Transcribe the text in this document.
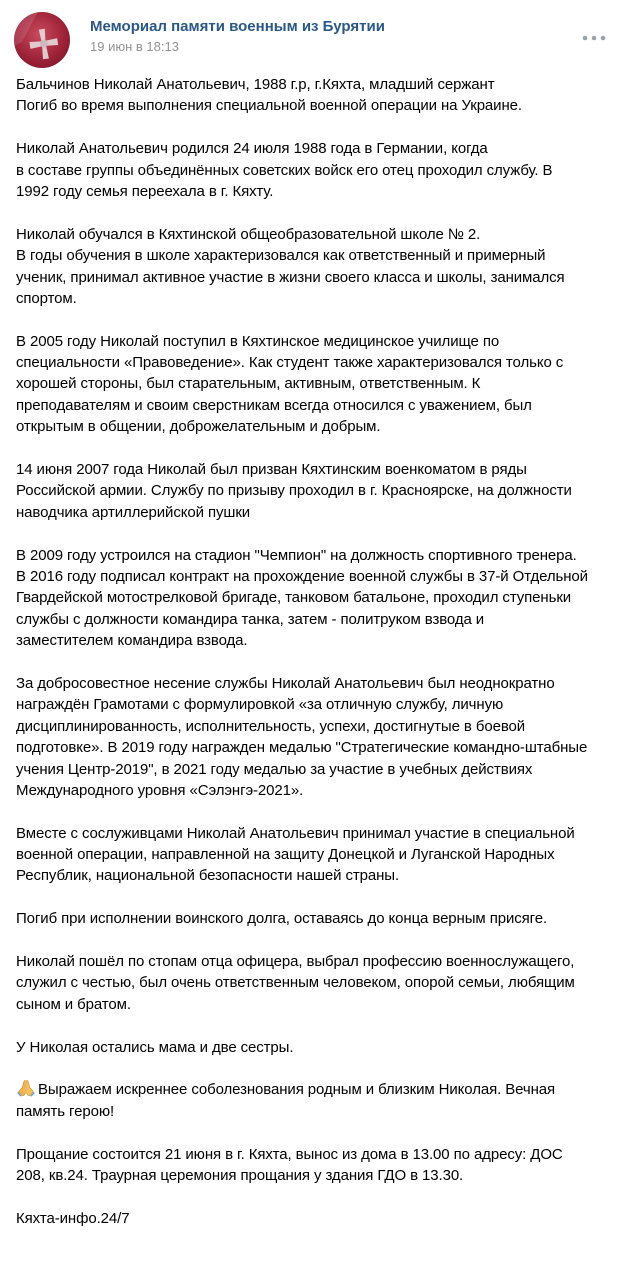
Мемориал памяти военным из Бурятии
19 июн в 18:13
Бальчинов Николай Анатольевич, 1988 г.р, г.Кяхта, младший сержант
Погиб во время выполнения специальной военной операции на Украине.
Николай Анатольевич родился 24 июля 1988 года в Германии, когда
в составе группы объединённых советских войск его отец проходил службу. В
1992 году семья переехала в г. Кяхту.
Николай обучался в Кяхтинской общеобразовательной школе № 2.
В годы обучения в школе характеризовался как ответственный и примерный
ученик, принимал активное участие в жизни своего класса и школы, занимался
спортом.
В 2005 году Николай поступил в Кяхтинское медицинское училище по
специальности «Правоведение». Как студент также характеризовался только с
хорошей стороны, был старательным, активным, ответственным. К
преподавателям и своим сверстникам всегда относился с уважением, был
открытым в общении, доброжелательным и добрым.
14 июня 2007 года Николай был призван Кяхтинским военкоматом в ряды
Российской армии. Службу по призыву проходил в г. Красноярске, на должности
наводчика артиллерийской пушки
В 2009 году устроился на стадион "Чемпион" на должность спортивного тренера.
В 2016 году подписал контракт на прохождение военной службы в 37-й Отдельной
Гвардейской мотострелковой бригаде, танковом батальоне, проходил ступеньки
службы с должности командира танка, затем - политруком взвода и
заместителем командира взвода.
За добросовестное несение службы Николай Анатольевич был неоднократно
награждён Грамотами с формулировкой «за отличную службу, личную
дисциплинированность, исполнительность, успехи, достигнутые в боевой
подготовке». В 2019 году награжден медалью "Стратегические командно-штабные
учения Центр-2019", в 2021 году медалью за участие в учебных действиях
Международного уровня «Сэлэнгэ-2021».
Вместе с сослуживцами Николай Анатольевич принимал участие в специальной
военной операции, направленной на защиту Донецкой и Луганской Народных
Республик, национальной безопасности нашей страны.
Погиб при исполнении воинского долга, оставаясь до конца верным присяге.
Николай пошёл по стопам отца офицера, выбрал профессию военнослужащего,
служил с честью, был очень ответственным человеком, опорой семьи, любящим
сыном и братом.
У Николая остались мама и две сестры.
Выражаем искреннее соболезнования родным и близким Николая. Вечная
память герою!
Прощание состоится 21 июня в г. Кяхта, вынос из дома в 13.00 по адресу: ДОС
208, кв.24. Траурная церемония прощания у здания ГДО в 13.30.
Кяхта-инфо.24/7
